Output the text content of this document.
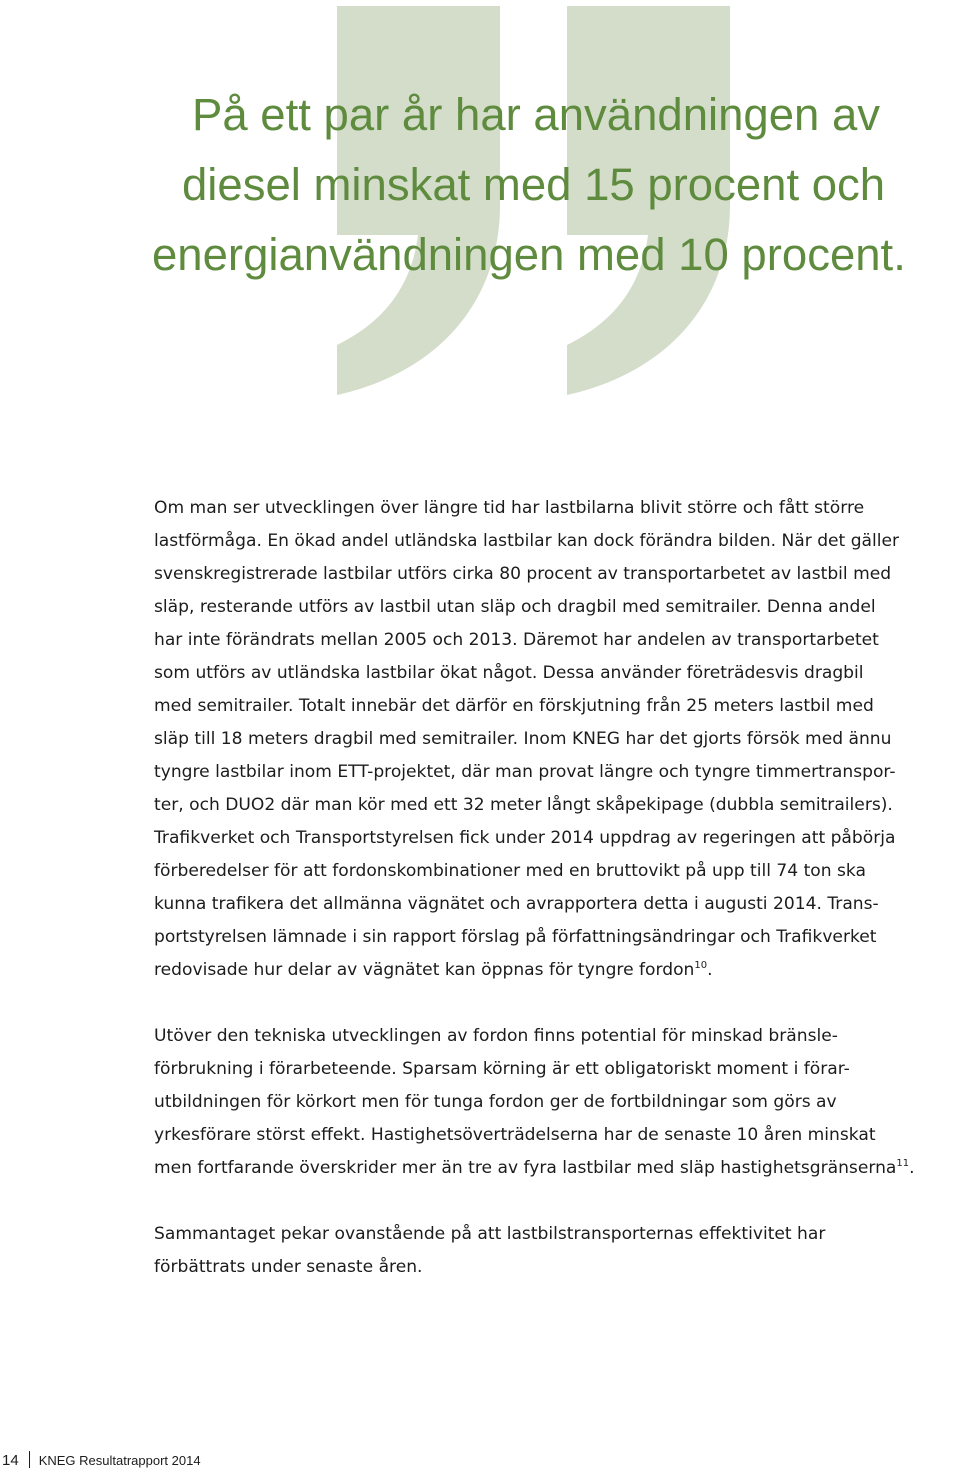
På ett par år har användningen av
diesel minskat med 15 procent och
energianvändningen med 10 procent.

Om man ser utvecklingen över längre tid har lastbilarna blivit större och fått större
lastförmåga. En ökad andel utländska lastbilar kan dock förändra bilden. När det gäller
svenskregistrerade lastbilar utförs cirka 80 procent av transportarbetet av lastbil med
släp, resterande utförs av lastbil utan släp och dragbil med semitrailer. Denna andel
har inte förändrats mellan 2005 och 2013. Däremot har andelen av transportarbetet
som utförs av utländska lastbilar ökat något. Dessa använder företrädesvis dragbil
med semitrailer. Totalt innebär det därför en förskjutning från 25 meters lastbil med
släp till 18 meters dragbil med semitrailer. Inom KNEG har det gjorts försök med ännu
tyngre lastbilar inom ETT-projektet, där man provat längre och tyngre timmertranspor-
ter, och DUO2 där man kör med ett 32 meter långt skåpekipage (dubbla semitrailers).
Trafikverket och Transportstyrelsen fick under 2014 uppdrag av regeringen att påbörja
förberedelser för att fordonskombinationer med en bruttovikt på upp till 74 ton ska
kunna trafikera det allmänna vägnätet och avrapportera detta i augusti 2014. Trans-
portstyrelsen lämnade i sin rapport förslag på författningsändringar och Trafikverket
redovisade hur delar av vägnätet kan öppnas för tyngre fordon$^{10}$.

Utöver den tekniska utvecklingen av fordon finns potential för minskad bränsle-
förbrukning i förarbeteende. Sparsam körning är ett obligatoriskt moment i förar-
utbildningen för körkort men för tunga fordon ger de fortbildningar som görs av
yrkesförare störst effekt. Hastighetsöverträdelserna har de senaste 10 åren minskat
men fortfarande överskrider mer än tre av fyra lastbilar med släp hastighetsgränserna$^{11}$.

Sammantaget pekar ovanstående på att lastbilstransporternas effektivitet har
förbättrats under senaste åren.

14 KNEG Resultatrapport 2014
